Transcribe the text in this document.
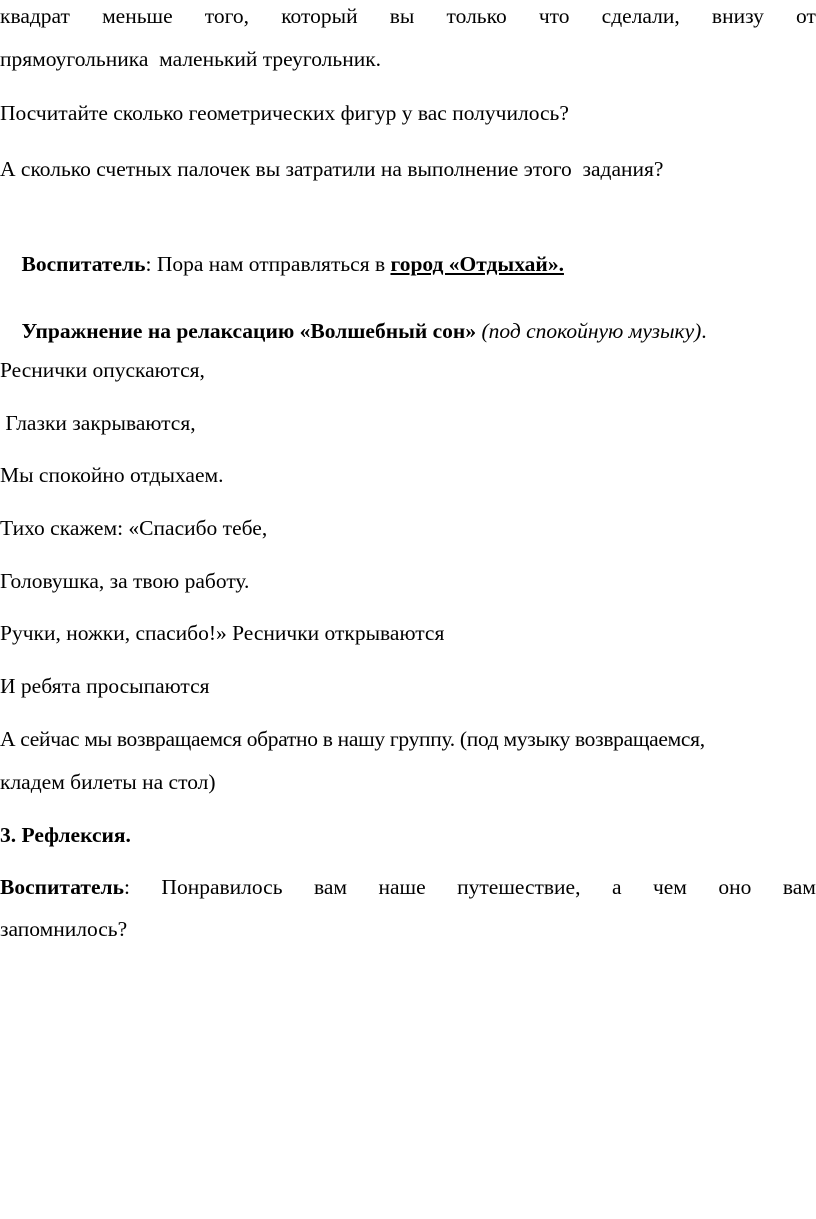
квадрат меньше того, который вы только что сделали, внизу от
прямоугольника  маленький треугольник.
Посчитайте сколько геометрических фигур у вас получилось?
А сколько счетных палочек вы затратили на выполнение этого  задания?

Воспитатель: Пора нам отправляться в город «Отдыхай».

Упражнение на релаксацию «Волшебный сон» (под спокойную музыку).

Реснички опускаются,
Глазки закрываются,
Мы спокойно отдыхаем.
Тихо скажем: «Спасибо тебе,
Головушка, за твою работу.
Ручки, ножки, спасибо!» Реснички открываются
И ребята просыпаются
А сейчас мы возвращаемся обратно в нашу группу. (под музыку возвращаемся,
кладем билеты на стол)
3. Рефлексия.
Воспитатель: Понравилось вам наше путешествие, а чем оно вам
запомнилось?
